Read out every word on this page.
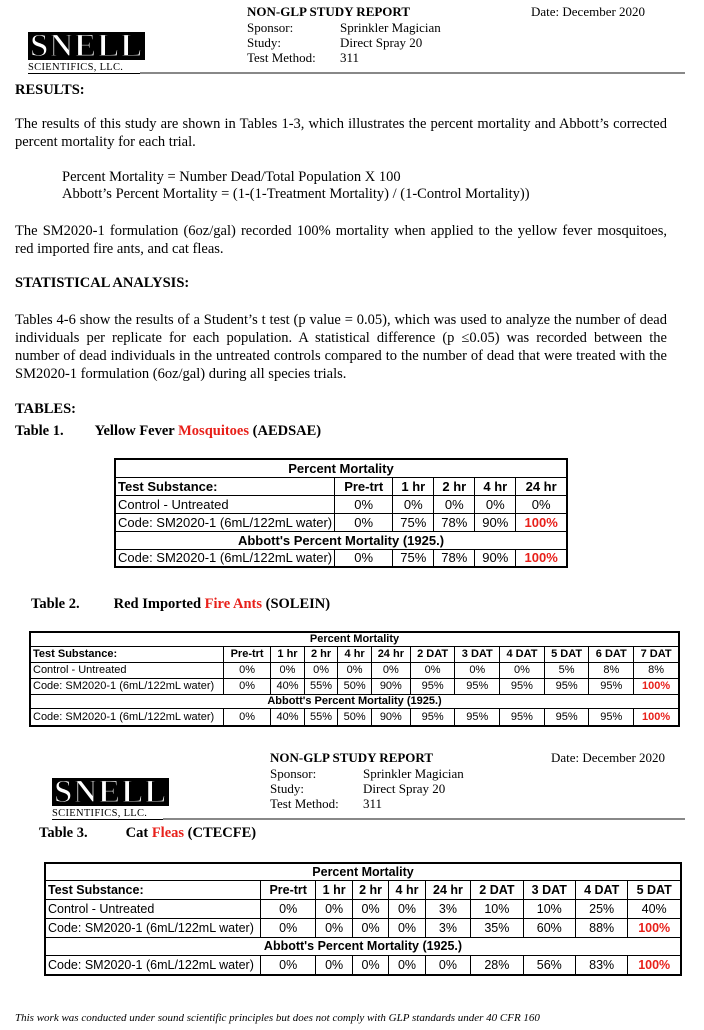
NON-GLP STUDY REPORT	Date: December 2020
Sponsor:	Sprinkler Magician
Study:	Direct Spray 20
Test Method: 311
SNELL
SCIENTIFICS, LLC.
RESULTS:
The results of this study are shown in Tables 1-3, which illustrates the percent mortality and Abbott’s corrected percent mortality for each trial.
Percent Mortality = Number Dead/Total Population X 100
Abbott’s Percent Mortality = (1-(1-Treatment Mortality) / (1-Control Mortality))
The SM2020-1 formulation (6oz/gal) recorded 100% mortality when applied to the yellow fever mosquitoes, red imported fire ants, and cat fleas.
STATISTICAL ANALYSIS:
Tables 4-6 show the results of a Student’s t test (p value = 0.05), which was used to analyze the number of dead individuals per replicate for each population. A statistical difference (p ≤0.05) was recorded between the number of dead individuals in the untreated controls compared to the number of dead that were treated with the SM2020-1 formulation (6oz/gal) during all species trials.
TABLES:
Table 1. Yellow Fever Mosquitoes (AEDSAE)
Percent Mortality					
Test Substance:	Pre-trt	1 hr	2 hr	4 hr	24 hr
Control - Untreated	0%	0%	0%	0%	0%
Code: SM2020-1 (6mL/122mL water)	0%	75%	78%	90%	100%
Abbott's Percent Mortality (1925.)					
Code: SM2020-1 (6mL/122mL water)	0%	75%	78%	90%	100%
Table 2. Red Imported Fire Ants (SOLEIN)
Percent Mortality											
Test Substance:	Pre-trt	1 hr	2 hr	4 hr	24 hr	2 DAT	3 DAT	4 DAT	5 DAT	6 DAT	7 DAT
Control - Untreated	0%	0%	0%	0%	0%	0%	0%	0%	5%	8%	8%
Code: SM2020-1 (6mL/122mL water)	0%	40%	55%	50%	90%	95%	95%	95%	95%	95%	100%
Abbott's Percent Mortality (1925.)											
Code: SM2020-1 (6mL/122mL water)	0%	40%	55%	50%	90%	95%	95%	95%	95%	95%	100%
NON-GLP STUDY REPORT	Date: December 2020
Sponsor:	Sprinkler Magician
Study:	Direct Spray 20
Test Method: 311
SNELL
SCIENTIFICS, LLC.
Table 3.	Cat Fleas (CTECFE)
Percent Mortality									
Test Substance:	Pre-trt	1 hr	2 hr	4 hr	24 hr	2 DAT	3 DAT	4 DAT	5 DAT
Control - Untreated	0%	0%	0%	0%	3%	10%	10%	25%	40%
Code: SM2020-1 (6mL/122mL water)	0%	0%	0%	0%	3%	35%	60%	88%	100%
Abbott's Percent Mortality (1925.)									
Code: SM2020-1 (6mL/122mL water)	0%	0%	0%	0%	0%	28%	56%	83%	100%
This work was conducted under sound scientific principles but does not comply with GLP standards under 40 CFR 160
